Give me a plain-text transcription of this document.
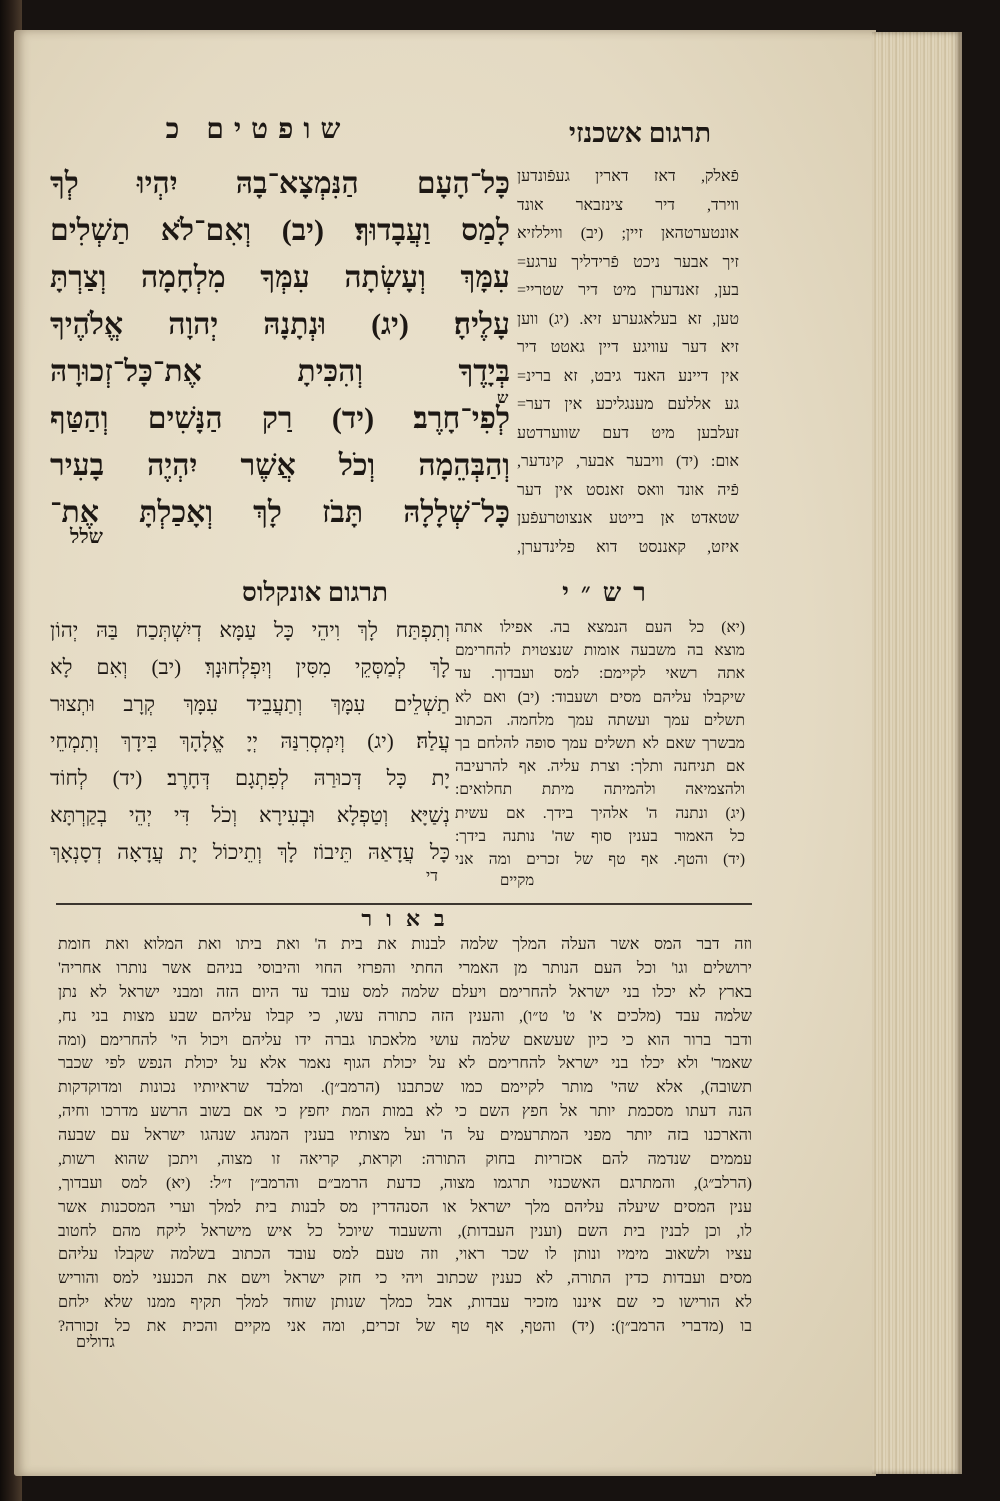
שופטים כ	תרגום אשכנזי
כָּל־הָעָם הַנִּמְצָא־בָהּ יִהְיוּ לְךָ
לָמַס וַעֲבָדוּךָ׃ (יב) וְאִם־לֹא תַשְׁלִים
עִמָּךְ וְעָשְׂתָה עִמְּךָ מִלְחָמָה וְצַרְתָּ
עָלֶיהָ׃ (יג) וּנְתָנָהּ יְהוָה אֱלֹהֶיךָ
בְּיָדֶךָ וְהִכִּיתָ אֶת־כָּל־זְכוּרָהּ
לְפִי־חָרֶב׃ (יד) רַק הַנָּשִׁים וְהַטַּף
וְהַבְּהֵמָה וְכֹל אֲשֶׁר יִהְיֶה בָעִיר
כָּל־שְׁלָלָהּ תָּבֹז לָךְ וְאָכַלְתָּ אֶת־
שלל
ש
פֿאלק, דאז דארין געפֿונדען
ווירד, דיר צינזבאר אונד
אונטערטהאן זיין; (יב) וויללזיא
זיך אבער ניכט פֿרידליך ערגע=
בען, זאנדערן מיט דיר שטריי=
טען, זא בעלאגערע זיא. (יג) ווען
זיא דער עוויגע דיין גאטט דיר
אין דיינע האנד גיבט, זא ברינ=
גע אללעם מענגליכע אין דער=
זעלבען מיט דעם שווערדטע
אום: (יד) וויבער אבער, קינדער,
פֿיה אונד וואס זאנסט אין דער
שטאדט אן בייטע אנצוטרעפֿען
איזט, קאננסט דוא פלינדערן,
תרגום אונקלוס	רש״י
וְתִפְתַּח לָךְ וִיהֵי כָּל עַמָּא דְיִשְׁתְּכַח בַּהּ יְהוֹן
לָךְ לְמַסְּקֵי מִסִּין וְיִפְלְחוּנָךְ׃ (יב) וְאִם לָא
תַשְׁלֵים עִמָּךְ וְתַעֲבֵיד עִמָּךְ קְרָב וּתְצוּר
עֲלַהּ׃ (יג) וְיִמְסְרִנַּהּ יְיָ אֱלָהָךְ בִּידָךְ וְתִמְחֵי
יָת כָּל דְּכוּרַהּ לְפִתְגָם דְּחָרֶב׃ (יד) לְחוֹד
נְשַׁיָּא וְטַפְלָא וּבְעִירָא וְכֹל דִּי יְהֵי בְקַרְתָּא
כָּל עֲדָאַהּ תֵּיבוֹז לָךְ וְתֵיכוֹל יָת עֲדָאָה דְסָנְאָךְ
די
(יא) כל העם הנמצא בה. אפילו אתה
מוצא בה משבעה אומות שנצטוית להחרימם
אתה רשאי לקיימם: למס ועבדוך. עד
שיקבלו עליהם מסים ושעבוד: (יב) ואם לא
תשלים עמך ועשתה עמך מלחמה. הכתוב
מבשרך שאם לא תשלים עמך סופה להלחם בך
אם תניחנה ותלך: וצרת עליה. אף להרעיבה
ולהצמיאה ולהמיתה מיתת תחלואים:
(יג) ונתנה ה' אלהיך בידך. אם עשית
כל האמור בענין סוף שה' נותנה בידך:
(יד) והטף. אף טף של זכרים ומה אני
מקיים
באור
וזה דבר המס אשר העלה המלך שלמה לבנות את בית ה' ואת ביתו ואת המלוא ואת חומת
ירושלים וגו' וכל העם הנותר מן האמרי החתי והפרזי החוי והיבוסי בניהם אשר נותרו אחריה'
בארץ לא יכלו בני ישראל להחרימם ויעלם שלמה למס עובד עד היום הזה ומבני ישראל לא נתן
שלמה עבד (מלכים א' ט' ט״ו), והענין הזה כתורה עשו, כי קבלו עליהם שבע מצות בני נח,
ודבר ברור הוא כי כיון שעשאם שלמה עושי מלאכתו גברה ידו עליהם ויכול הי' להחרימם (ומה
שאמר' ולא יכלו בני ישראל להחרימם לא על יכולת הגוף נאמר אלא על יכולת הנפש לפי שכבר
תשובה), אלא שהי' מותר לקיימם כמו שכתבנו (הרמב״ן). ומלבד שראיותיו נכונות ומדוקדקות
הנה דעתו מסכמת יותר אל חפץ השם כי לא במות המת יחפץ כי אם בשוב הרשע מדרכו וחיה,
והארכנו בזה יותר מפני המתרעמים על ה' ועל מצותיו בענין המנהג שנהגו ישראל עם שבעה
עממים שנדמה להם אכזריות בחוק התורה: וקראת, קריאה זו מצוה, ויתכן שהוא רשות,
(הרלב״ג), והמתרגם האשכנזי תרגמו מצוה, כדעת הרמב״ם והרמב״ן ז״ל: (יא) למס ועבדוך,
ענין המסים שיעלה עליהם מלך ישראל או הסנהדרין מס לבנות בית למלך וערי המסכנות אשר
לו, וכן לבנין בית השם (וענין העבדות), והשעבוד שיוכל כל איש מישראל ליקח מהם לחטוב
עציו ולשאוב מימיו ונותן לו שכר ראוי, וזה טעם למס עובד הכתוב בשלמה שקבלו עליהם
מסים ועבדות כדין התורה, לא כענין שכתוב ויהי כי חזק ישראל וישם את הכנעני למס והוריש
לא הורישו כי שם איננו מזכיר עבדות, אבל כמלך שנותן שוחד למלך תקיף ממנו שלא ילחם
בו (מדברי הרמב״ן): (יד) והטף, אף טף של זכרים, ומה אני מקיים והכית את כל זכורה?
גדולים
